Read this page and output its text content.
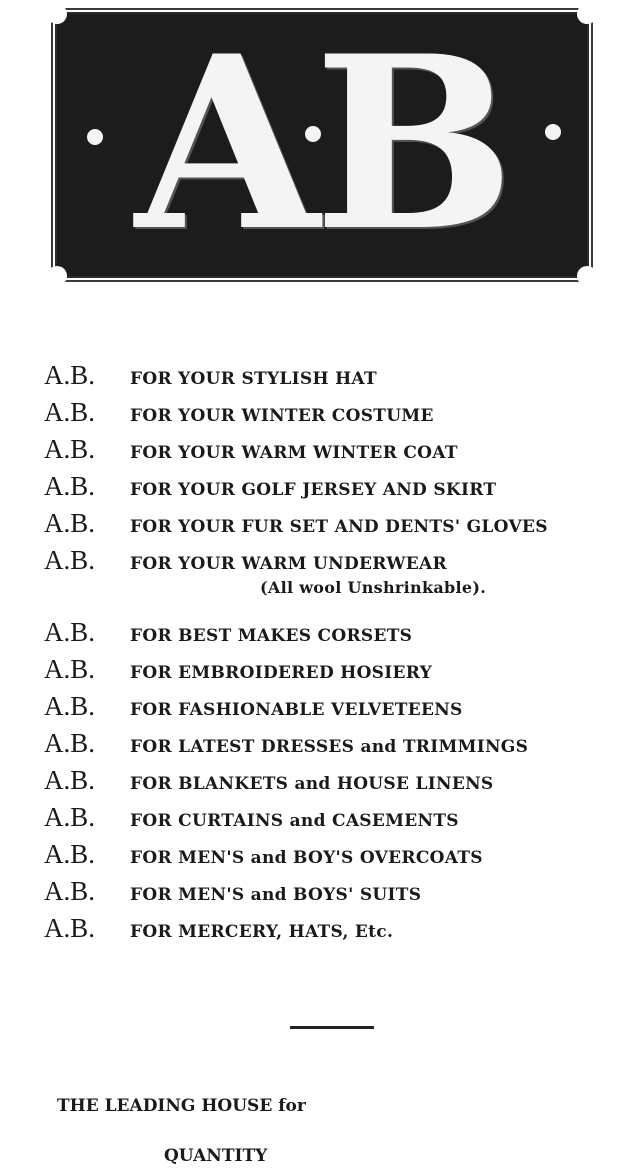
AB
A.B.	FOR YOUR STYLISH HAT
A.B.	FOR YOUR WINTER COSTUME
A.B.	FOR YOUR WARM WINTER COAT
A.B.	FOR YOUR GOLF JERSEY AND SKIRT
A.B.	FOR YOUR FUR SET AND DENTS' GLOVES
A.B.	FOR YOUR WARM UNDERWEAR
(All wool Unshrinkable).
A.B.	FOR BEST MAKES CORSETS
A.B.	FOR EMBROIDERED HOSIERY
A.B.	FOR FASHIONABLE VELVETEENS
A.B.	FOR LATEST DRESSES and TRIMMINGS
A.B.	FOR BLANKETS and HOUSE LINENS
A.B.	FOR CURTAINS and CASEMENTS
A.B.	FOR MEN'S and BOY'S OVERCOATS
A.B.	FOR MEN'S and BOYS' SUITS
A.B.	FOR MERCERY, HATS, Etc.
THE LEADING HOUSE for
QUANTITY
